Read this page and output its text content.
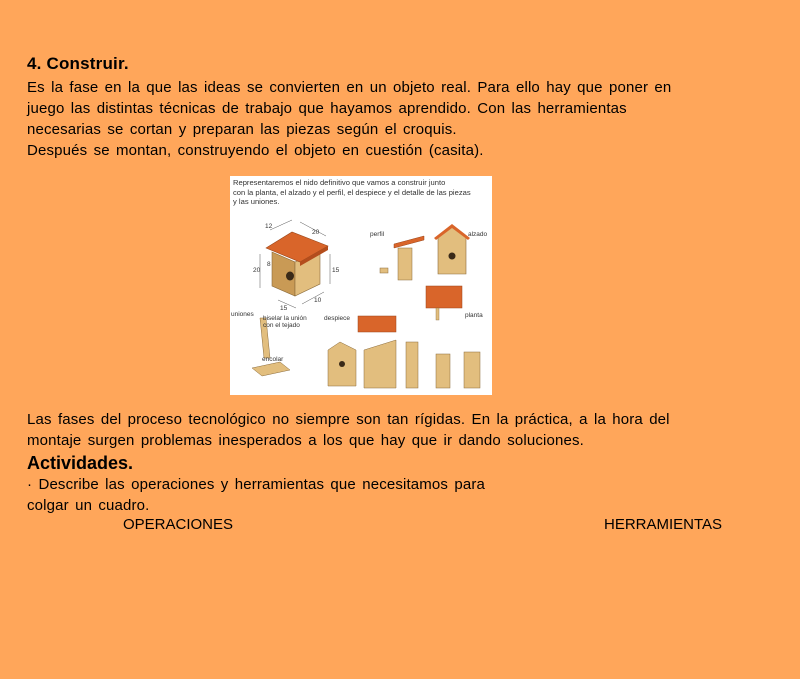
4. Construir.
Es la fase en la que las ideas se convierten en un objeto real. Para ello hay que poner en
juego las distintas técnicas de trabajo que hayamos aprendido. Con las herramientas
necesarias se cortan y preparan las piezas según el croquis.
Después se montan, construyendo el objeto en cuestión (casita).
Las fases del proceso tecnológico no siempre son tan rígidas. En la práctica, a la hora del
montaje surgen problemas inesperados a los que hay que ir dando soluciones.
Actividades.
· Describe las operaciones y herramientas que necesitamos para
colgar un cuadro.
OPERACIONES	HERRAMIENTAS
Representaremos el nido definitivo que vamos a construir junto
con la planta, el alzado y el perfil, el despiece y el detalle de las piezas
y las uniones.
12
20
20
8
15
15
10
perfil	alzado
planta
uniones
biselar la unión
con el tejado
despiece
encolar
